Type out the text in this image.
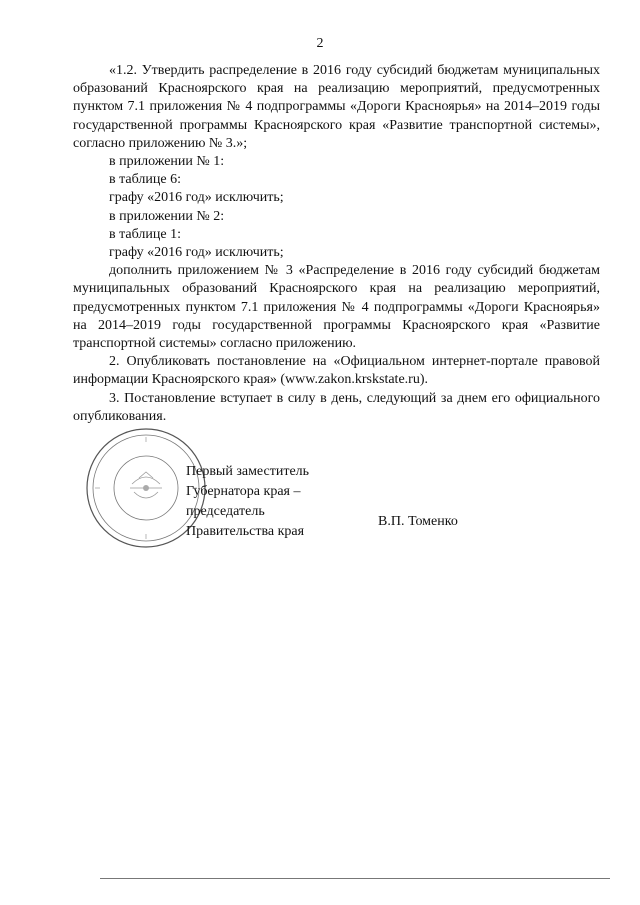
2

«1.2. Утвердить распределение в 2016 году субсидий бюджетам муниципальных образований Красноярского края на реализацию мероприятий, предусмотренных пунктом 7.1 приложения № 4 подпрограммы «Дороги Красноярья» на 2014–2019 годы государственной программы Красноярского края «Развитие транспортной системы», согласно приложению № 3.»;

в приложении № 1:

в таблице 6:

графу «2016 год» исключить;

в приложении № 2:

в таблице 1:

графу «2016 год» исключить;

дополнить приложением № 3 «Распределение в 2016 году субсидий бюджетам муниципальных образований Красноярского края на реализацию мероприятий, предусмотренных пунктом 7.1 приложения № 4 подпрограммы «Дороги Красноярья» на 2014–2019 годы государственной программы Красноярского края «Развитие транспортной системы» согласно приложению.

2. Опубликовать постановление на «Официальном интернет-портале правовой информации Красноярского края» (www.zakon.krskstate.ru).

3. Постановление вступает в силу в день, следующий за днем его официального опубликования.

Первый заместитель
Губернатора края –
председатель
Правительства края
В.П. Томенко
